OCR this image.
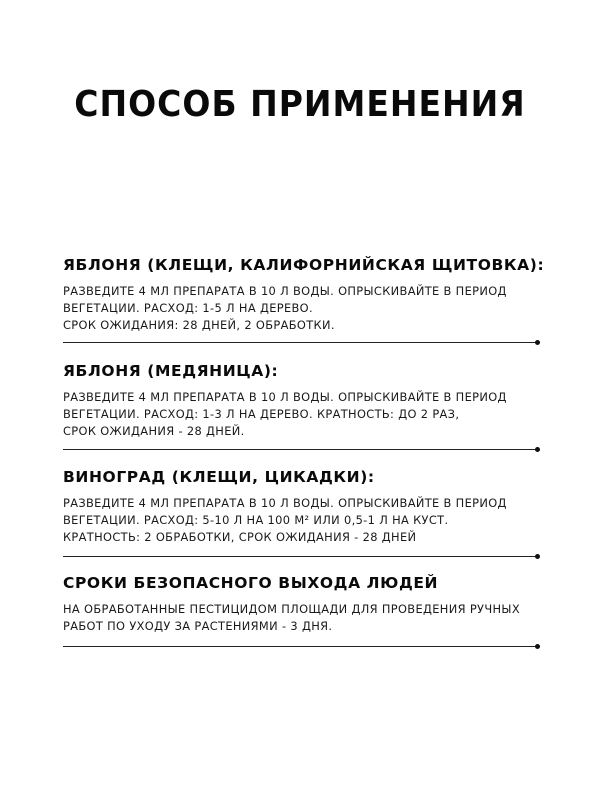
СПОСОБ ПРИМЕНЕНИЯ
ЯБЛОНЯ (КЛЕЩИ, КАЛИФОРНИЙСКАЯ ЩИТОВКА):
РАЗВЕДИТЕ 4 МЛ ПРЕПАРАТА В 10 Л ВОДЫ. ОПРЫСКИВАЙТЕ В ПЕРИОД
ВЕГЕТАЦИИ. РАСХОД: 1-5 Л НА ДЕРЕВО.
СРОК ОЖИДАНИЯ: 28 ДНЕЙ, 2 ОБРАБОТКИ.
ЯБЛОНЯ (МЕДЯНИЦА):
РАЗВЕДИТЕ 4 МЛ ПРЕПАРАТА В 10 Л ВОДЫ. ОПРЫСКИВАЙТЕ В ПЕРИОД
ВЕГЕТАЦИИ. РАСХОД: 1-3 Л НА ДЕРЕВО. КРАТНОСТЬ: ДО 2 РАЗ,
СРОК ОЖИДАНИЯ - 28 ДНЕЙ.
ВИНОГРАД (КЛЕЩИ, ЦИКАДКИ):
РАЗВЕДИТЕ 4 МЛ ПРЕПАРАТА В 10 Л ВОДЫ. ОПРЫСКИВАЙТЕ В ПЕРИОД
ВЕГЕТАЦИИ. РАСХОД: 5-10 Л НА 100 М² ИЛИ 0,5-1 Л НА КУСТ.
КРАТНОСТЬ: 2 ОБРАБОТКИ, СРОК ОЖИДАНИЯ - 28 ДНЕЙ
СРОКИ БЕЗОПАСНОГО ВЫХОДА ЛЮДЕЙ
НА ОБРАБОТАННЫЕ ПЕСТИЦИДОМ ПЛОЩАДИ ДЛЯ ПРОВЕДЕНИЯ РУЧНЫХ
РАБОТ ПО УХОДУ ЗА РАСТЕНИЯМИ - 3 ДНЯ.
